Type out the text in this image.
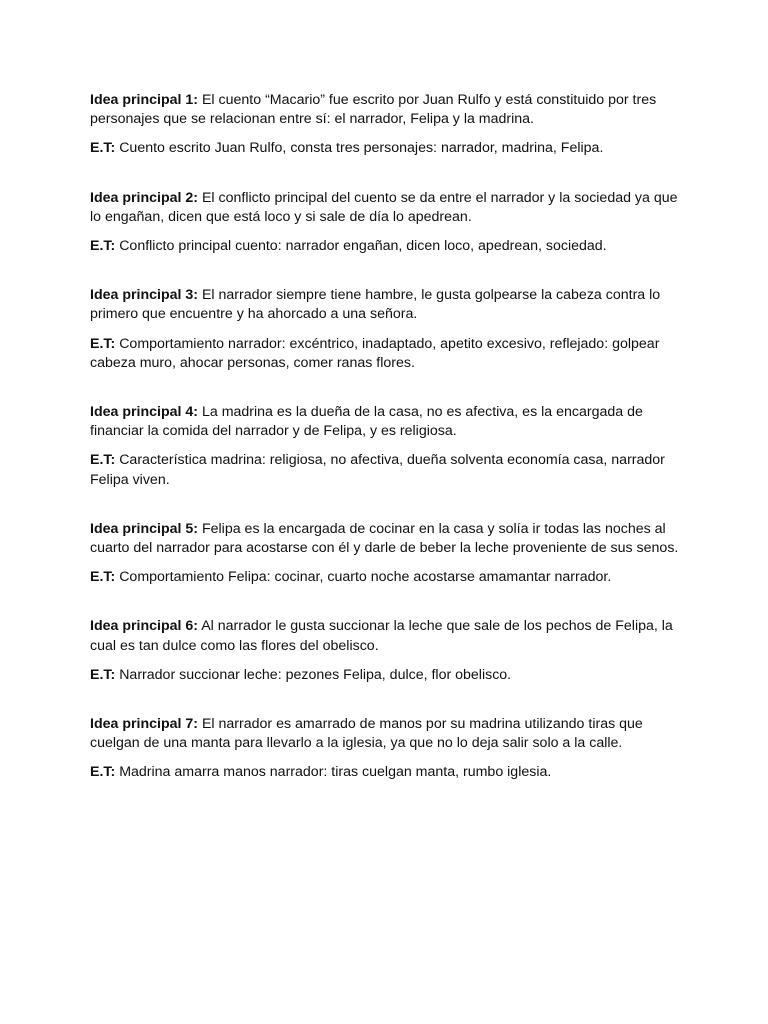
Idea principal 1: El cuento “Macario” fue escrito por Juan Rulfo y está constituido por tres personajes que se relacionan entre sí: el narrador, Felipa y la madrina.

E.T: Cuento escrito Juan Rulfo, consta tres personajes: narrador, madrina, Felipa.

Idea principal 2: El conflicto principal del cuento se da entre el narrador y la sociedad ya que lo engañan, dicen que está loco y si sale de día lo apedrean.

E.T: Conflicto principal cuento: narrador engañan, dicen loco, apedrean, sociedad.

Idea principal 3: El narrador siempre tiene hambre, le gusta golpearse la cabeza contra lo primero que encuentre y ha ahorcado a una señora.

E.T: Comportamiento narrador: excéntrico, inadaptado, apetito excesivo, reflejado: golpear cabeza muro, ahocar personas, comer ranas flores.

Idea principal 4: La madrina es la dueña de la casa, no es afectiva, es la encargada de financiar la comida del narrador y de Felipa, y es religiosa.

E.T: Característica madrina: religiosa, no afectiva, dueña solventa economía casa, narrador Felipa viven.

Idea principal 5: Felipa es la encargada de cocinar en la casa y solía ir todas las noches al cuarto del narrador para acostarse con él y darle de beber la leche proveniente de sus senos.

E.T: Comportamiento Felipa: cocinar, cuarto noche acostarse amamantar narrador.

Idea principal 6: Al narrador le gusta succionar la leche que sale de los pechos de Felipa, la cual es tan dulce como las flores del obelisco.

E.T: Narrador succionar leche: pezones Felipa, dulce, flor obelisco.

Idea principal 7: El narrador es amarrado de manos por su madrina utilizando tiras que cuelgan de una manta para llevarlo a la iglesia, ya que no lo deja salir solo a la calle.

E.T: Madrina amarra manos narrador: tiras cuelgan manta, rumbo iglesia.
